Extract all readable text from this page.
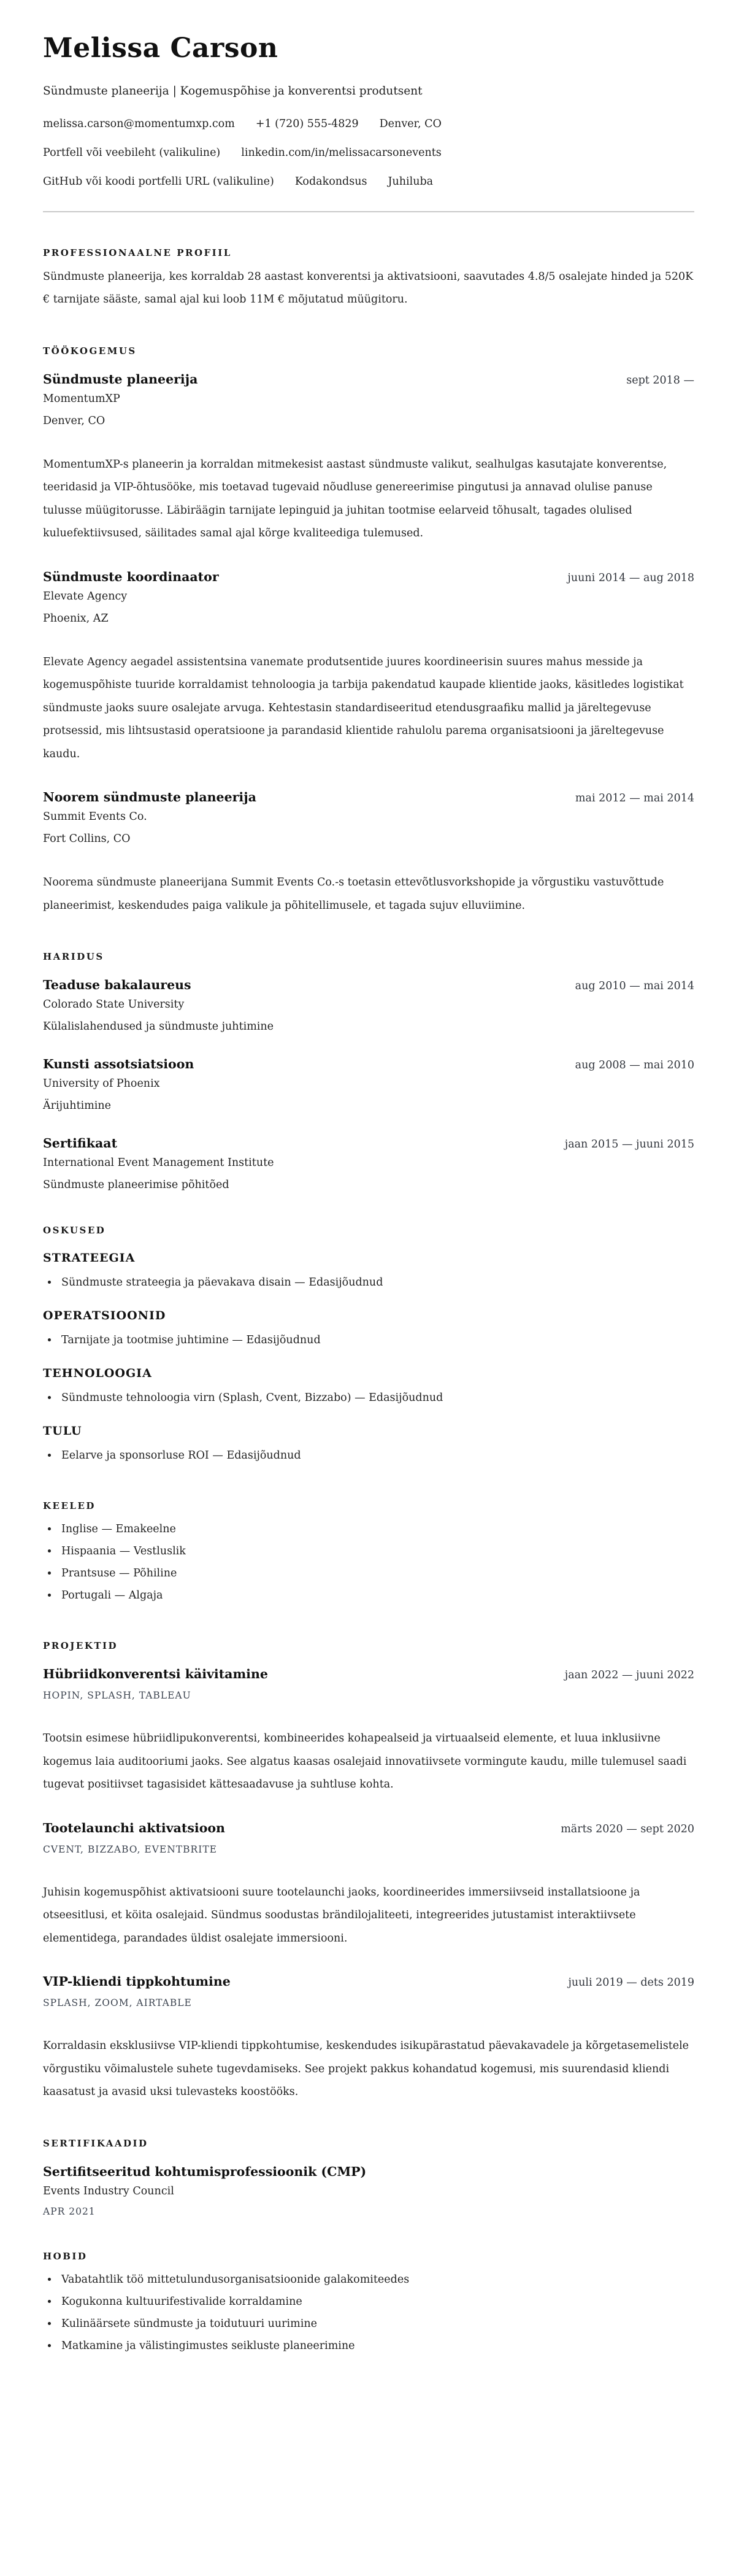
Melissa Carson
Sündmuste planeerija | Kogemuspõhise ja konverentsi produtsent
melissa.carson@momentumxp.com +1 (720) 555-4829 Denver, CO
Portfell või veebileht (valikuline) linkedin.com/in/melissacarsonevents
GitHub või koodi portfelli URL (valikuline) Kodakondsus Juhiluba
PROFESSIONAALNE PROFIIL

Sündmuste planeerija, kes korraldab 28 aastast konverentsi ja aktivatsiooni, saavutades 4.8/5 osalejate hinded ja 520K € tarnijate sääste, samal ajal kui loob 11M € mõjutatud müügitoru.

TÖÖKOGEMUS
Sündmuste planeerija	sept 2018 —
MomentumXP
Denver, CO

MomentumXP-s planeerin ja korraldan mitmekesist aastast sündmuste valikut, sealhulgas kasutajate konverentse, teeridasid ja VIP-õhtusööke, mis toetavad tugevaid nõudluse genereerimise pingutusi ja annavad olulise panuse tulusse müügitorusse. Läbiräägin tarnijate lepinguid ja juhitan tootmise eelarveid tõhusalt, tagades olulised kuluefektiivsused, säilitades samal ajal kõrge kvaliteediga tulemused.

Sündmuste koordinaator	juuni 2014 — aug 2018
Elevate Agency
Phoenix, AZ

Elevate Agency aegadel assistentsina vanemate produtsentide juures koordineerisin suures mahus messide ja kogemuspõhiste tuuride korraldamist tehnoloogia ja tarbija pakendatud kaupade klientide jaoks, käsitledes logistikat sündmuste jaoks suure osalejate arvuga. Kehtestasin standardiseeritud etendusgraafiku mallid ja järeltegevuse protsessid, mis lihtsustasid operatsioone ja parandasid klientide rahulolu parema organisatsiooni ja järeltegevuse kaudu.

Noorem sündmuste planeerija	mai 2012 — mai 2014
Summit Events Co.
Fort Collins, CO

Noorema sündmuste planeerijana Summit Events Co.-s toetasin ettevõtlusvorkshopide ja võrgustiku vastuvõttude planeerimist, keskendudes paiga valikule ja põhitellimusele, et tagada sujuv elluviimine.

HARIDUS
Teaduse bakalaureus	aug 2010 — mai 2014
Colorado State University
Külalislahendused ja sündmuste juhtimine
Kunsti assotsiatsioon	aug 2008 — mai 2010
University of Phoenix
Ärijuhtimine
Sertifikaat	jaan 2015 — juuni 2015
International Event Management Institute
Sündmuste planeerimise põhitõed
OSKUSED
STRATEEGIA
Sündmuste strateegia ja päevakava disain — Edasijõudnud
OPERATSIOONID
Tarnijate ja tootmise juhtimine — Edasijõudnud
TEHNOLOOGIA
Sündmuste tehnoloogia virn (Splash, Cvent, Bizzabo) — Edasijõudnud
TULU
Eelarve ja sponsorluse ROI — Edasijõudnud
KEELED
Inglise — Emakeelne
Hispaania — Vestluslik
Prantsuse — Põhiline
Portugali — Algaja
PROJEKTID
Hübriidkonverentsi käivitamine	jaan 2022 — juuni 2022
HOPIN, SPLASH, TABLEAU

Tootsin esimese hübriidlipukonverentsi, kombineerides kohapealseid ja virtuaalseid elemente, et luua inklusiivne kogemus laia auditooriumi jaoks. See algatus kaasas osalejaid innovatiivsete vormingute kaudu, mille tulemusel saadi tugevat positiivset tagasisidet kättesaadavuse ja suhtluse kohta.

Tootelaunchi aktivatsioon	märts 2020 — sept 2020
CVENT, BIZZABO, EVENTBRITE

Juhisin kogemuspõhist aktivatsiooni suure tootelaunchi jaoks, koordineerides immersiivseid installatsioone ja otseesitlusi, et köita osalejaid. Sündmus soodustas brändilojaliteeti, integreerides jutustamist interaktiivsete elementidega, parandades üldist osalejate immersiooni.

VIP-kliendi tippkohtumine	juuli 2019 — dets 2019
SPLASH, ZOOM, AIRTABLE

Korraldasin eksklusiivse VIP-kliendi tippkohtumise, keskendudes isikupärastatud päevakavadele ja kõrgetasemelistele võrgustiku võimalustele suhete tugevdamiseks. See projekt pakkus kohandatud kogemusi, mis suurendasid kliendi kaasatust ja avasid uksi tulevasteks koostööks.

SERTIFIKAADID
Sertifitseeritud kohtumisprofessioonik (CMP)
Events Industry Council
APR 2021
HOBID
Vabatahtlik töö mittetulundusorganisatsioonide galakomiteedes
Kogukonna kultuurifestivalide korraldamine
Kulinäärsete sündmuste ja toidutuuri uurimine
Matkamine ja välistingimustes seikluste planeerimine
